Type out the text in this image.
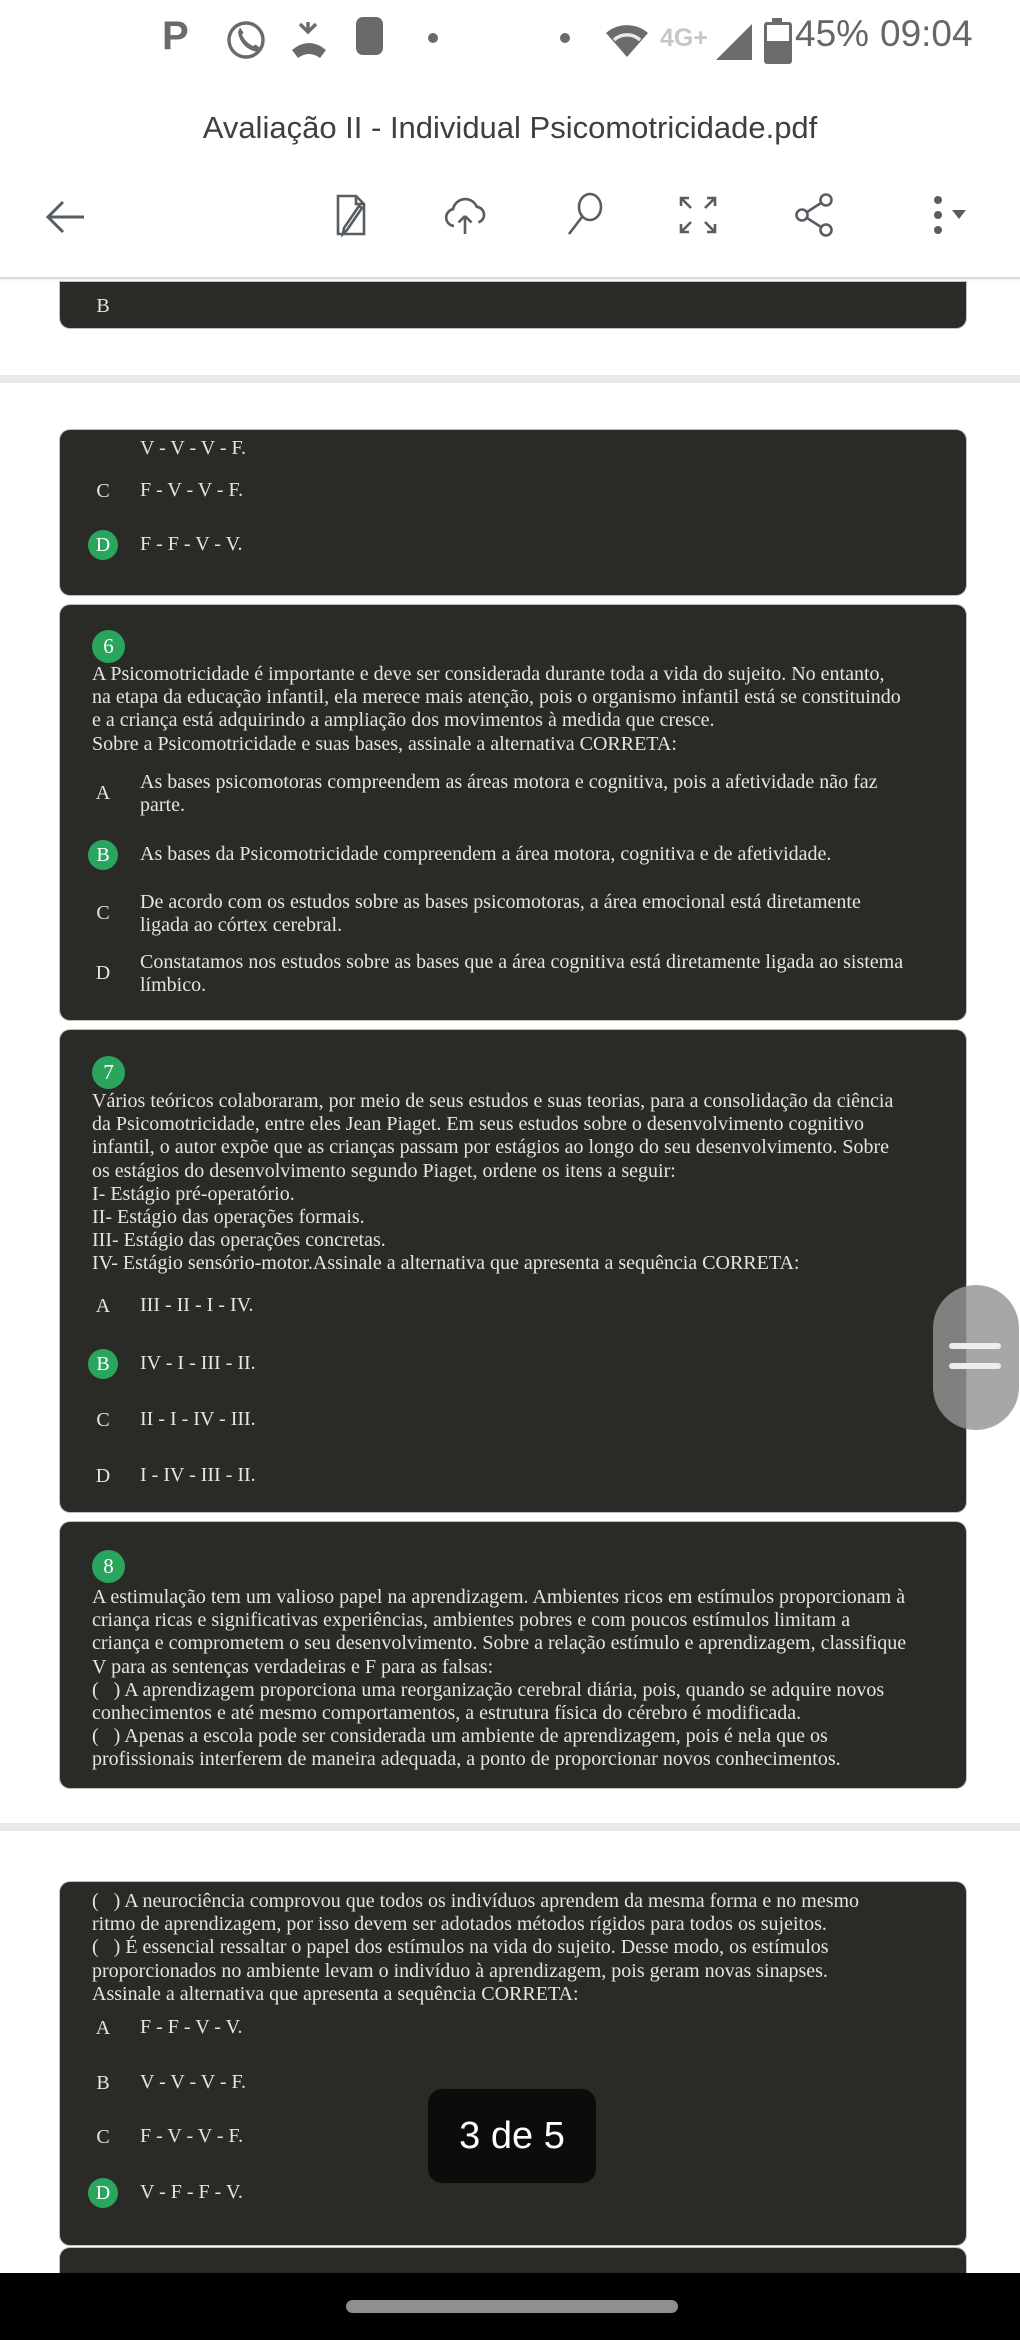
P	4G+ 45% 09:04
Avaliação II - Individual Psicomotricidade.pdf
B
V - V - V - F.
C	F - V - V - F.
D	F - F - V - V.
6
A Psicomotricidade é importante e deve ser considerada durante toda a vida do sujeito. No entanto,
na etapa da educação infantil, ela merece mais atenção, pois o organismo infantil está se constituindo
e a criança está adquirindo a ampliação dos movimentos à medida que cresce.
Sobre a Psicomotricidade e suas bases, assinale a alternativa CORRETA:
A As bases psicomotoras compreendem as áreas motora e cognitiva, pois a afetividade não faz
parte.
B	As bases da Psicomotricidade compreendem a área motora, cognitiva e de afetividade.
C	De acordo com os estudos sobre as bases psicomotoras, a área emocional está diretamente
ligada ao córtex cerebral.
D Constatamos nos estudos sobre as bases que a área cognitiva está diretamente ligada ao sistema
límbico.
7
Vários teóricos colaboraram, por meio de seus estudos e suas teorias, para a consolidação da ciência
da Psicomotricidade, entre eles Jean Piaget. Em seus estudos sobre o desenvolvimento cognitivo
infantil, o autor expõe que as crianças passam por estágios ao longo do seu desenvolvimento. Sobre
os estágios do desenvolvimento segundo Piaget, ordene os itens a seguir:
I- Estágio pré-operatório.
II- Estágio das operações formais.
III- Estágio das operações concretas.
IV- Estágio sensório-motor.Assinale a alternativa que apresenta a sequência CORRETA:
A III - II - I - IV.
B	IV - I - III - II.
C	II - I - IV - III.
D I - IV - III - II.
8
A estimulação tem um valioso papel na aprendizagem. Ambientes ricos em estímulos proporcionam à
criança ricas e significativas experiências, ambientes pobres e com poucos estímulos limitam a
criança e comprometem o seu desenvolvimento. Sobre a relação estímulo e aprendizagem, classifique
V para as sentenças verdadeiras e F para as falsas:
(   ) A aprendizagem proporciona uma reorganização cerebral diária, pois, quando se adquire novos
conhecimentos e até mesmo comportamentos, a estrutura física do cérebro é modificada.
(   ) Apenas a escola pode ser considerada um ambiente de aprendizagem, pois é nela que os
profissionais interferem de maneira adequada, a ponto de proporcionar novos conhecimentos.
(   ) A neurociência comprovou que todos os indivíduos aprendem da mesma forma e no mesmo
ritmo de aprendizagem, por isso devem ser adotados métodos rígidos para todos os sujeitos.
(   ) É essencial ressaltar o papel dos estímulos na vida do sujeito. Desse modo, os estímulos
proporcionados no ambiente levam o indivíduo à aprendizagem, pois geram novas sinapses.
Assinale a alternativa que apresenta a sequência CORRETA:
A F - F - V - V.
B	V - V - V - F.
C	F - V - V - F.
D	V - F - F - V.
3 de 5
